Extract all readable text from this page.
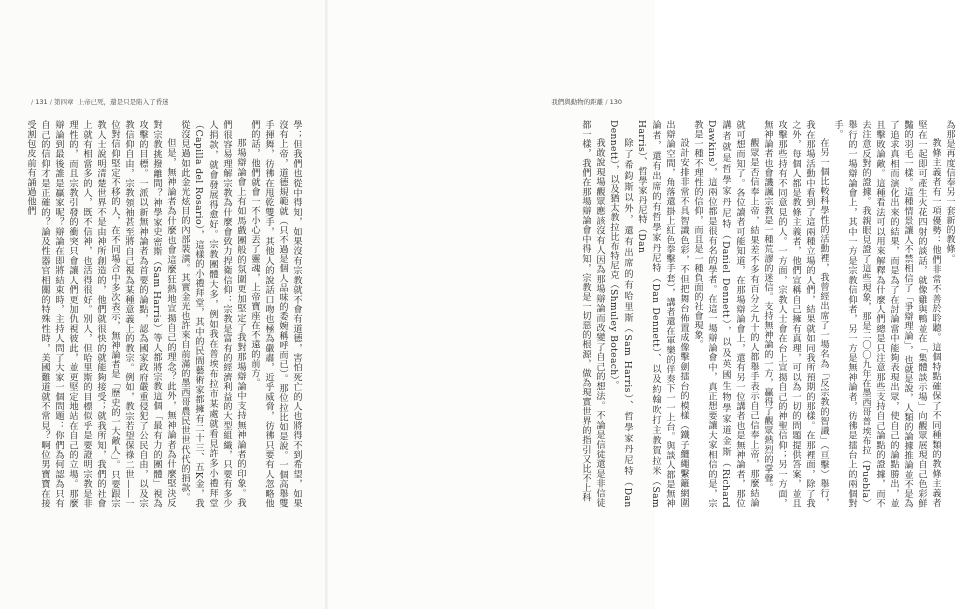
/ 131 / 第四章 上帝已死，還是只是陷入了昏迷

學；但我們也從中得知，如果沒有宗教就不會有道德，害怕死亡的人也將得不到希望，如果沒有上帝，道德規範就（只不過是個人品味的委婉稱呼而已）。那位拉比如是說。一個高舉雙手揮舞，彷彿在甩乾雙手，其他人的說話口吻也極為嚴肅，近乎威脅，彷彿只要有人忽略他們的話，他們就會一不小心丟了靈魂，上帝寶座在不遠的前方。

那場辯論會上有如馬戲團般的氛圍更加堅定了我對那場辯論中支持無神論者的印象。我們很容易理解宗教為什麼會致力捍衛信仰：宗教是富有的經濟利益的大型組織，只要有多少人捐款，就會發展得愈好。宗教團體大多，例如我在普埃布拉市某處就看見許多小禮拜堂（Capilla del Rosario），這樣的小禮拜堂，其中的民間藝術家都擁有二十三、五K金，我從沒見過如此金光炫目的內部裝潢。其實金光也許來自前滿的墨西哥農民世世代代的捐款。

但是，無神論者為什麼也會這麼狂熱地宣揚自己的理念？此外，無神論者為什麼堅決反對宗教挑撥離間？神學家史密斯（Sam Harris）等人都將宗教這個「最有力的團體」視為攻擊的目標。一派以新無神論者為首要的論點，認為國家政府嚴重侵犯了公民自由，以及宗教信仰自由，宗教領袖甚至將自己視為某種意義上的教宗。例如，教宗若望保祿二世——一位對信仰堅定不移的人，在不同場合中多次表示，無神論者是「歷史的一大敵人」。只要跟宗教人士說明清楚世界不是由神所創造的，他們就很快的就能夠接受；就我所知，我們的社會上就有相當多的人，既不信神，也活得很好。別人，但哈里斯的目標似乎是要證明宗教是非理性的，而且宗教引發的衝突只會讓人們更加仇視彼此，並更堅定地站在自己的立場。那麼辯論到最後誰是贏家呢？辯論在即將結束時，主持人問了大家一個問題：你們為何認為只有自己的信仰才是正確的？論及性器官相關的特殊性時，美國難道就不常見？啊位男寶寶在接受割包皮前有誦過他們

我們與動物的距離 / 130

為那是再度信奉另一套新的教條。

教條主義者有一項優勢：他們非常不善於聆聽。這個特點確保了不同種類的教條主義者堅在一起即可產生火花四射的談話，就像雞與鴨並在「集體談示場」向觀眾展現自己色彩鮮豔的羽毛一樣。這種情景讓人不禁相信了「爭辯理論」，也就是說，人類的論據推論並不是為了追求真相而演化出來的結果，而是為了在討論當中能夠表現出眾，使自己的論點勝出，並且擊敗論敵。這種看法可以用來解釋為什麼人們總是只注意那些支持自己論點的證據，而不去注意反對的證據。我親眼見證了這些現象，那是二〇〇九年在墨西哥普埃布拉（Puebla）舉行的一場辯論會上，其中一方是宗教信仰者，另一方是無神論者，彷彿是擂台上的兩個對手。

在另一個比較科學性的活動裡，我曾經出席了一場名為「反宗教的智識」（亘擊）舉行，我在那場活動中看到了這兩種立場的人們，結果就如同我所預期的那樣。在那裡面，除了我之外，每個人都是教條主義者，他們宣稱自己擁有真理，可以為一切的問題提供答案，並且攻擊那些持有不同意見的人。一方面，宗教人士會在台上宣揚自己的神聖信仰；另一方面，無神論者也會譏諷宗教是一種荒謬的迷信。支持無神論的一方，贏得了觀眾熱烈的掌聲。

觀眾是否信奉上帝，結果差不多有百分之九十的人都舉手表示自己信奉上帝，那麼結論就可想而知了。各位讀者可能知道，在那場辯論會上，還有另一位講者也是無神論者，那位講者就是哲學家丹尼特（Daniel Dennett），以及英國生物學家道金斯（Richard Dawkins），這兩位都是很有名的學者。在這一場辯論會中，真正想要讓大家相信的是，宗教是一種不理性的信仰，而且是一種負面的社會現象。

設計安排非常不具智識色彩，不但把舞台佈置成像擊劍擂台的模樣（鐵子纜繩繫籬網圍出辯論空間，角落還掛上紅色拳擊手套），講者還在軍樂的伴奏下一一上台。與談人都是無神論者，還有出席的有哲學家丹尼特（Dan Dennett）、以及約翰吹打主教賀拉米（Sam Harris）、哲學家丹尼特（Dan

除了希鈞斯以外，還有出席的有哈里斯（Sam Harris）、哲學家丹尼特（Dan Dennett），以及猶太教拉比布特尼克（Shmuley Boteach）。

我敢說現場觀眾應該沒有人因為那場辯論而改變了自己的想法。不論是信徒還是非信徒都一樣，我們在那場辯論會中得知，宗教是一切惡的根源，做為現實世界的指引又比不上科
